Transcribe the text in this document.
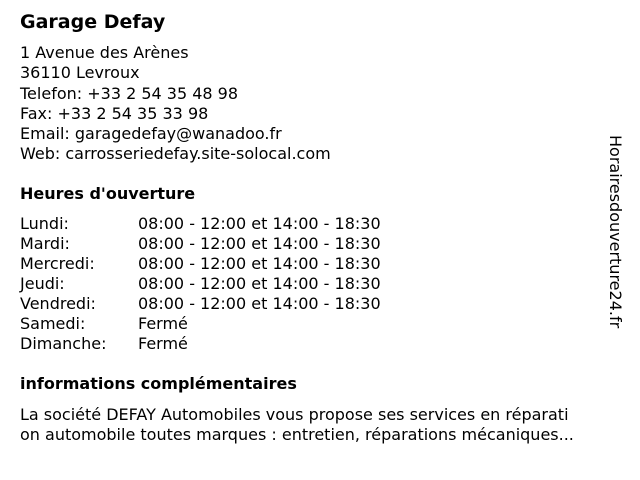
Garage Defay
1 Avenue des Arènes
36110 Levroux
Telefon: +33 2 54 35 48 98
Fax: +33 2 54 35 33 98
Email: garagedefay@wanadoo.fr
Web: carrosseriedefay.site-solocal.com
Heures d'ouverture
Lundi:	08:00 - 12:00 et 14:00 - 18:30
Mardi:	08:00 - 12:00 et 14:00 - 18:30
Mercredi:	08:00 - 12:00 et 14:00 - 18:30
Jeudi:	08:00 - 12:00 et 14:00 - 18:30
Vendredi:	08:00 - 12:00 et 14:00 - 18:30
Samedi:	Fermé
Dimanche: Fermé
informations complémentaires
La société DEFAY Automobiles vous propose ses services en réparati
on automobile toutes marques : entretien, réparations mécaniques...
Horairesdouverture24.fr
